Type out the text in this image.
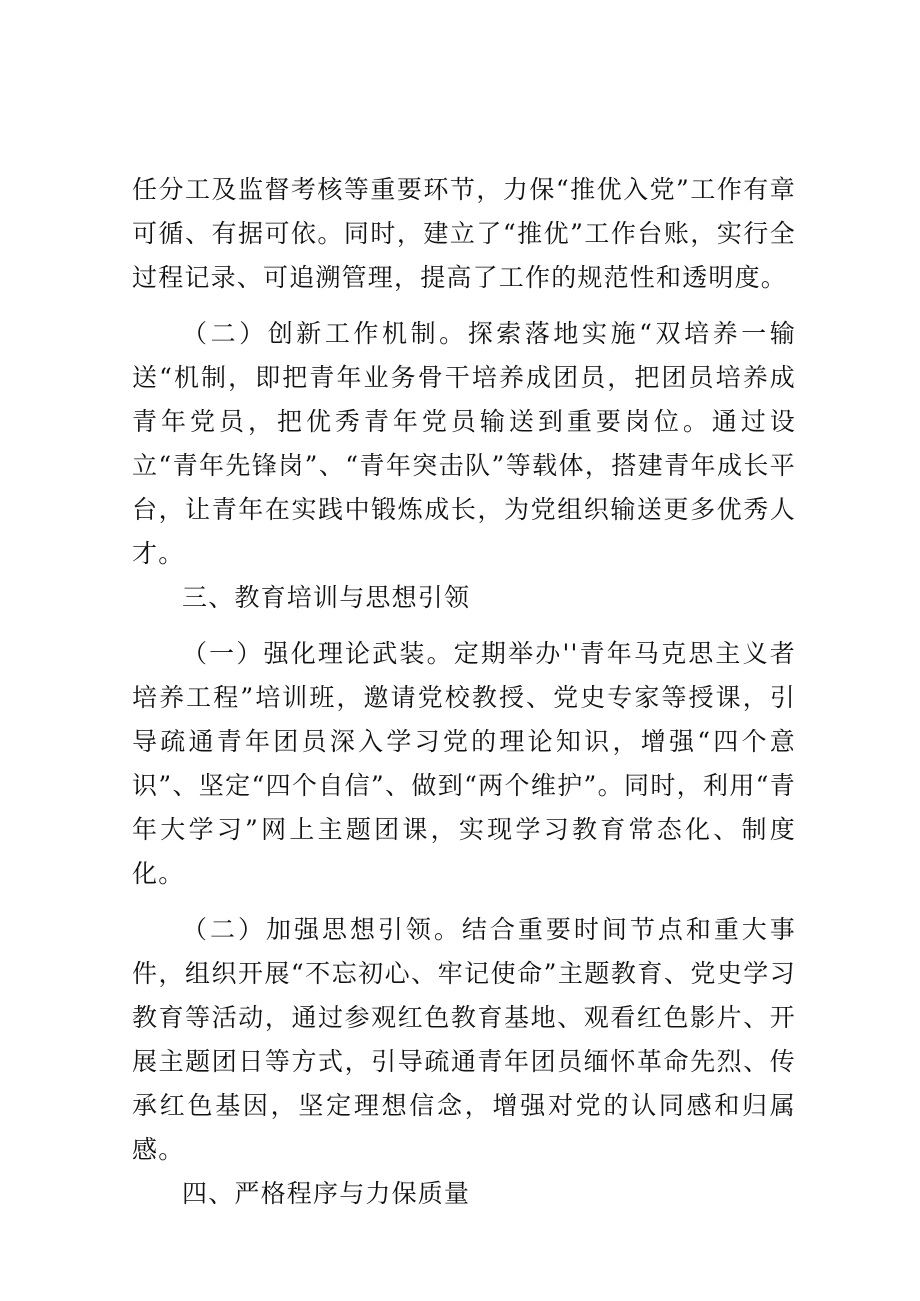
任分工及监督考核等重要环节，力保“推优入党”工作有章可循、有据可依。同时，建立了“推优”工作台账，实行全过程记录、可追溯管理，提高了工作的规范性和透明度。

（二）创新工作机制。探索落地实施“双培养一输送“机制，即把青年业务骨干培养成团员，把团员培养成青年党员，把优秀青年党员输送到重要岗位。通过设立“青年先锋岗”、“青年突击队”等载体，搭建青年成长平台，让青年在实践中锻炼成长，为党组织输送更多优秀人才。

三、教育培训与思想引领

（一）强化理论武装。定期举办''青年马克思主义者培养工程”培训班，邀请党校教授、党史专家等授课，引导疏通青年团员深入学习党的理论知识，增强“四个意识”、坚定“四个自信”、做到“两个维护”。同时，利用“青年大学习”网上主题团课，实现学习教育常态化、制度化。

（二）加强思想引领。结合重要时间节点和重大事件，组织开展“不忘初心、牢记使命”主题教育、党史学习教育等活动，通过参观红色教育基地、观看红色影片、开展主题团日等方式，引导疏通青年团员缅怀革命先烈、传承红色基因，坚定理想信念，增强对党的认同感和归属感。

四、严格程序与力保质量
